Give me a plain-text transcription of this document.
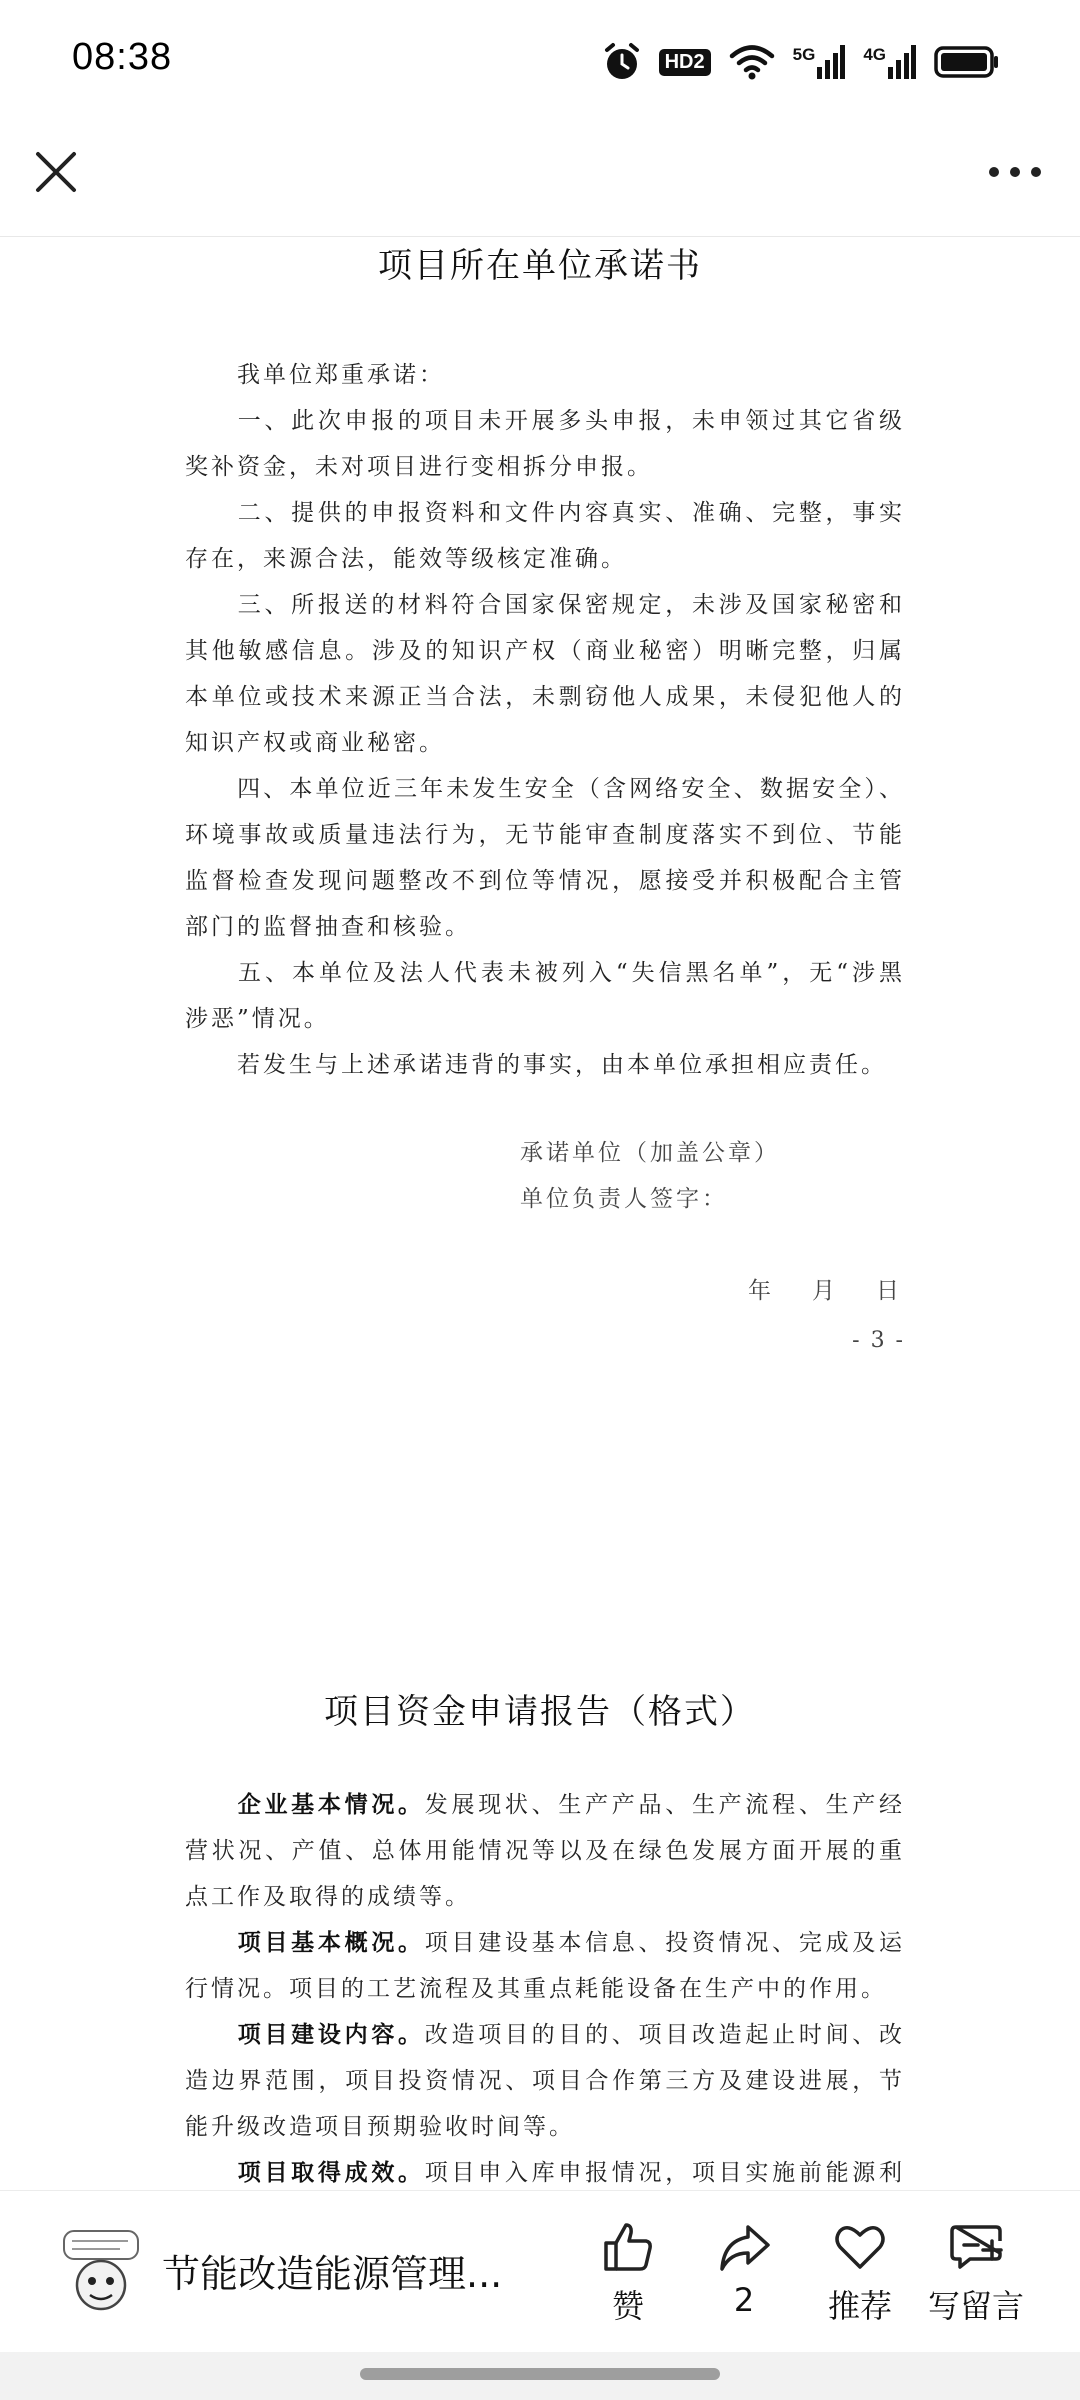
08:38	HD2	5G	4G
项目所在单位承诺书
我单位郑重承诺：
一、此次申报的项目未开展多头申报，未申领过其它省级奖补资金，未对项目进行变相拆分申报。
二、提供的申报资料和文件内容真实、准确、完整，事实存在，来源合法，能效等级核定准确。
三、所报送的材料符合国家保密规定，未涉及国家秘密和其他敏感信息。涉及的知识产权（商业秘密）明晰完整，归属本单位或技术来源正当合法，未剽窃他人成果，未侵犯他人的知识产权或商业秘密。
四、本单位近三年未发生安全（含网络安全、数据安全）、环境事故或质量违法行为，无节能审查制度落实不到位、节能监督检查发现问题整改不到位等情况，愿接受并积极配合主管部门的监督抽查和核验。
五、本单位及法人代表未被列入“失信黑名单”，无“涉黑涉恶”情况。
若发生与上述承诺违背的事实，由本单位承担相应责任。
承诺单位（加盖公章）
单位负责人签字：
年 月 日
- 3 -
项目资金申请报告（格式）
企业基本情况。发展现状、生产产品、生产流程、生产经营状况、产值、总体用能情况等以及在绿色发展方面开展的重点工作及取得的成绩等。
项目基本概况。项目建设基本信息、投资情况、完成及运行情况。项目的工艺流程及其重点耗能设备在生产中的作用。
项目建设内容。改造项目的目的、项目改造起止时间、改造边界范围，项目投资情况、项目合作第三方及建设进展，节能升级改造项目预期验收时间等。
项目取得成效。项目申入库申报情况，项目实施前能源利
节能改造能源管理...
赞	2	推荐	写留言
